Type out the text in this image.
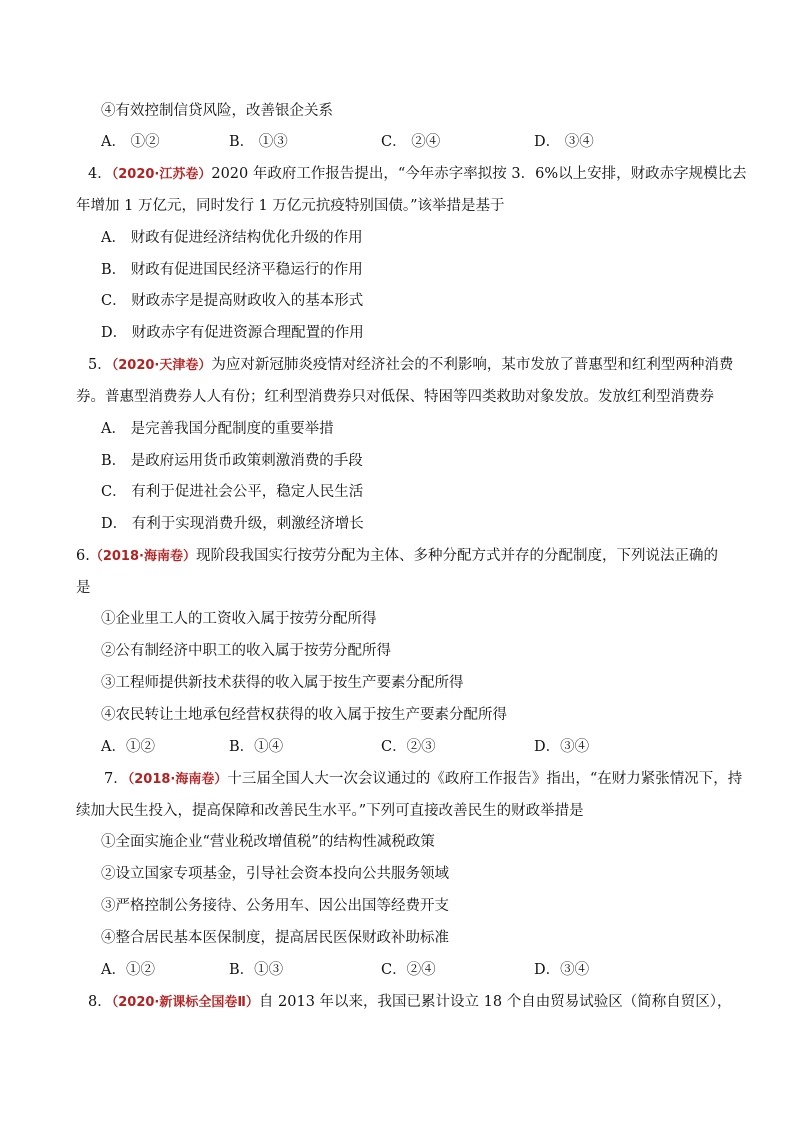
④有效控制信贷风险，改善银企关系
A． ①②	B． ①③	C． ②④	D． ③④
4．（2020·江苏卷）2020 年政府工作报告提出，“今年赤字率拟按 3．6%以上安排，财政赤字规模比去
年增加 1 万亿元，同时发行 1 万亿元抗疫特别国债。”该举措是基于
A． 财政有促进经济结构优化升级的作用
B． 财政有促进国民经济平稳运行的作用
C． 财政赤字是提高财政收入的基本形式
D． 财政赤字有促进资源合理配置的作用
5．（2020·天津卷）为应对新冠肺炎疫情对经济社会的不利影响，某市发放了普惠型和红利型两种消费
券。普惠型消费券人人有份；红利型消费券只对低保、特困等四类救助对象发放。发放红利型消费券
A． 是完善我国分配制度的重要举措
B． 是政府运用货币政策刺激消费的手段
C． 有利于促进社会公平，稳定人民生活
D． 有利于实现消费升级，刺激经济增长
6.（2018·海南卷）现阶段我国实行按劳分配为主体、多种分配方式并存的分配制度，下列说法正确的
是
①企业里工人的工资收入属于按劳分配所得
②公有制经济中职工的收入属于按劳分配所得
③工程师提供新技术获得的收入属于按生产要素分配所得
④农民转让土地承包经营权获得的收入属于按生产要素分配所得
A．①②	B．①④	C．②③	D．③④
7．（2018·海南卷）十三届全国人大一次会议通过的《政府工作报告》指出，“在财力紧张情况下，持
续加大民生投入，提高保障和改善民生水平。”下列可直接改善民生的财政举措是
①全面实施企业“营业税改增值税”的结构性减税政策
②设立国家专项基金，引导社会资本投向公共服务领域
③严格控制公务接待、公务用车、因公出国等经费开支
④整合居民基本医保制度，提高居民医保财政补助标准
A．①②	B．①③	C．②④	D．③④
8．（2020·新课标全国卷Ⅱ）自 2013 年以来，我国已累计设立 18 个自由贸易试验区（简称自贸区），
